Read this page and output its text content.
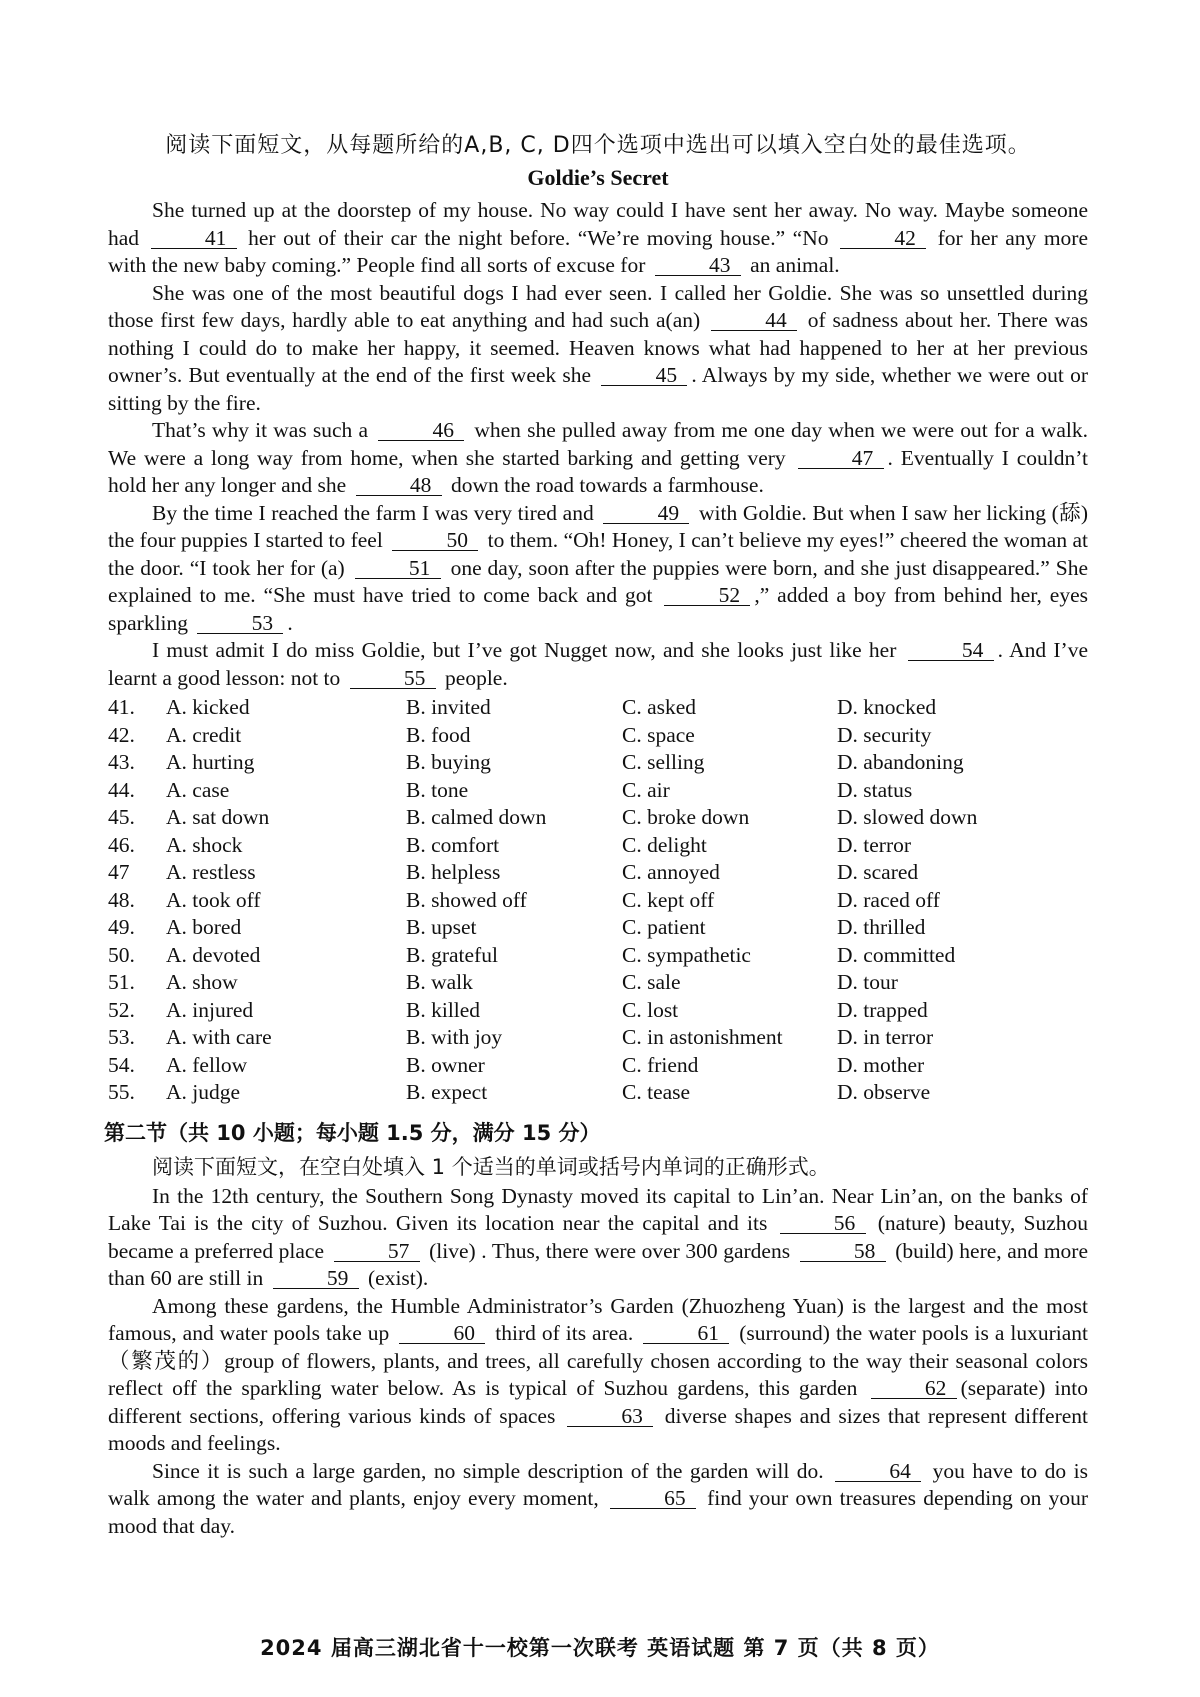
阅读下面短文，从每题所给的A,B, C, D四个选项中选出可以填入空白处的最佳选项。
Goldie’s Secret

She turned up at the doorstep of my house. No way could I have sent her away. No way. Maybe someone had	41 her out of their car the night before. “We’re moving house.” “No	42 for her any more with the new baby coming.” People find all sorts of excuse for	43 an animal.

She was one of the most beautiful dogs I had ever seen. I called her Goldie. She was so unsettled during those first few days, hardly able to eat anything and had such a(an)	44 of sadness about her. There was nothing I could do to make her happy, it seemed. Heaven knows what had happened to her at her previous owner’s. But eventually at the end of the first week she	45 . Always by my side, whether we were out or sitting by the fire.

That’s why it was such a	46 when she pulled away from me one day when we were out for a walk. We were a long way from home, when she started barking and getting very	47 . Eventually I couldn’t hold her any longer and she	48 down the road towards a farmhouse.

By the time I reached the farm I was very tired and	49 with Goldie. But when I saw her licking (舔) the four puppies I started to feel	50 to them. “Oh! Honey, I can’t believe my eyes!” cheered the woman at the door. “I took her for (a)	51 one day, soon after the puppies were born, and she just disappeared.” She explained to me. “She must have tried to come back and got	52 ,” added a boy from behind her, eyes sparkling	53 .

I must admit I do miss Goldie, but I’ve got Nugget now, and she looks just like her	54 . And I’ve learnt a good lesson: not to	55 people.

41.	A. kicked	B. invited	C. asked	D. knocked
42.	A. credit	B. food	C. space	D. security
43.	A. hurting	B. buying	C. selling	D. abandoning
44.	A. case	B. tone	C. air	D. status
45.	A. sat down	B. calmed down	C. broke down	D. slowed down
46.	A. shock	B. comfort	C. delight	D. terror
47	A. restless	B. helpless	C. annoyed	D. scared
48.	A. took off	B. showed off	C. kept off	D. raced off
49.	A. bored	B. upset	C. patient	D. thrilled
50.	A. devoted	B. grateful	C. sympathetic	D. committed
51.	A. show	B. walk	C. sale	D. tour
52.	A. injured	B. killed	C. lost	D. trapped
53.	A. with care	B. with joy	C. in astonishment	D. in terror
54.	A. fellow	B. owner	C. friend	D. mother
55.	A. judge	B. expect	C. tease	D. observe
第二节（共 10 小题；每小题 1.5 分，满分 15 分）
阅读下面短文，在空白处填入 1 个适当的单词或括号内单词的正确形式。

In the 12th century, the Southern Song Dynasty moved its capital to Lin’an. Near Lin’an, on the banks of Lake Tai is the city of Suzhou. Given its location near the capital and its	56 (nature) beauty, Suzhou became a preferred place	57 (live) . Thus, there were over 300 gardens	58 (build) here, and more than 60 are still in	59 (exist).

Among these gardens, the Humble Administrator’s Garden (Zhuozheng Yuan) is the largest and the most famous, and water pools take up	60 third of its area.	61 (surround) the water pools is a luxuriant（繁茂的）group of flowers, plants, and trees, all carefully chosen according to the way their seasonal colors reflect off the sparkling water below. As is typical of Suzhou gardens, this garden	62 (separate) into different sections, offering various kinds of spaces	63 diverse shapes and sizes that represent different moods and feelings.

Since it is such a large garden, no simple description of the garden will do.	64 you have to do is walk among the water and plants, enjoy every moment,	65 find your own treasures depending on your mood that day.

2024 届高三湖北省十一校第一次联考 英语试题 第 7 页（共 8 页）
